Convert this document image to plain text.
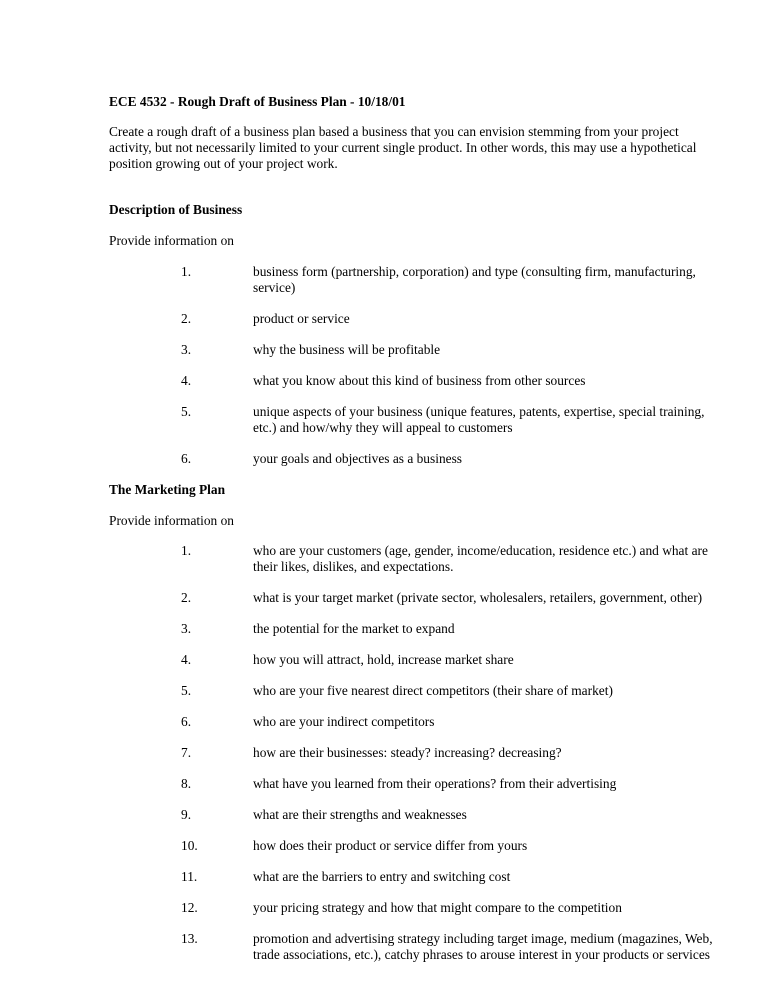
ECE 4532 - Rough Draft of Business Plan - 10/18/01
Create a rough draft of a business plan based a business that you can envision stemming from your project activity, but not necessarily limited to your current single product. In other words, this may use a hypothetical position growing out of your project work.
Description of Business
Provide information on
1.	business form (partnership, corporation) and type (consulting firm, manufacturing, service)
2.	product or service
3.	why the business will be profitable
4.	what you know about this kind of business from other sources
5.	unique aspects of your business (unique features, patents, expertise, special training, etc.) and how/why they will appeal to customers
6.	your goals and objectives as a business
The Marketing Plan
Provide information on
1.	who are your customers (age, gender, income/education, residence etc.) and what are their likes, dislikes, and expectations.
2.	what is your target market (private sector, wholesalers, retailers, government, other)
3.	the potential for the market to expand
4.	how you will attract, hold, increase market share
5.	who are your five nearest direct competitors (their share of market)
6.	who are your indirect competitors
7.	how are their businesses: steady? increasing? decreasing?
8.	what have you learned from their operations? from their advertising
9.	what are their strengths and weaknesses
10.	how does their product or service differ from yours
11.	what are the barriers to entry and switching cost
12.	your pricing strategy and how that might compare to the competition
13.	promotion and advertising strategy including target image, medium (magazines, Web, trade associations, etc.), catchy phrases to arouse interest in your products or services
